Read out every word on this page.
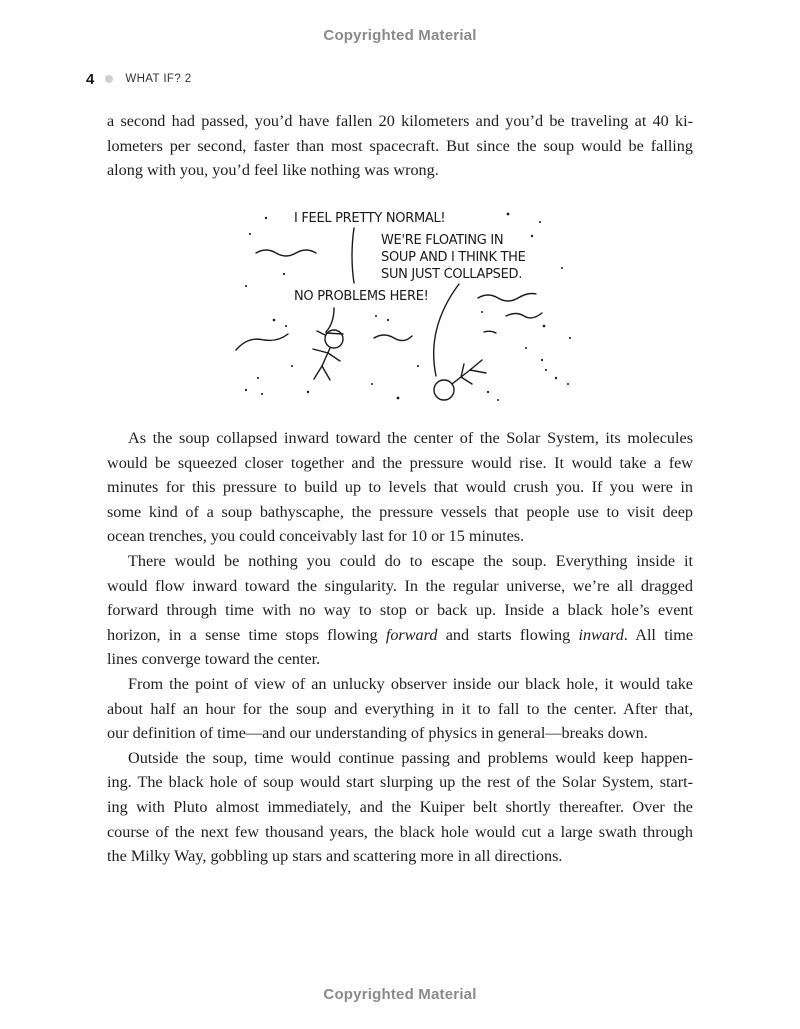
Copyrighted Material
4	WHAT IF? 2
a second had passed, you’d have fallen 20 kilometers and you’d be traveling at 40 ki-
lometers per second, faster than most spacecraft. But since the soup would be falling
along with you, you’d feel like nothing was wrong.
I FEEL PRETTY NORMAL!
WE'RE FLOATING IN
SOUP AND I THINK THE
SUN JUST COLLAPSED.
NO PROBLEMS HERE!

As the soup collapsed inward toward the center of the Solar System, its molecules
would be squeezed closer together and the pressure would rise. It would take a few
minutes for this pressure to build up to levels that would crush you. If you were in
some kind of a soup bathyscaphe, the pressure vessels that people use to visit deep
ocean trenches, you could conceivably last for 10 or 15 minutes.

There would be nothing you could do to escape the soup. Everything inside it
would flow inward toward the singularity. In the regular universe, we’re all dragged
forward through time with no way to stop or back up. Inside a black hole’s event
horizon, in a sense time stops flowing forward and starts flowing inward. All time
lines converge toward the center.

From the point of view of an unlucky observer inside our black hole, it would take
about half an hour for the soup and everything in it to fall to the center. After that,
our definition of time—and our understanding of physics in general—breaks down.

Outside the soup, time would continue passing and problems would keep happen-
ing. The black hole of soup would start slurping up the rest of the Solar System, start-
ing with Pluto almost immediately, and the Kuiper belt shortly thereafter. Over the
course of the next few thousand years, the black hole would cut a large swath through
the Milky Way, gobbling up stars and scattering more in all directions.

Copyrighted Material
